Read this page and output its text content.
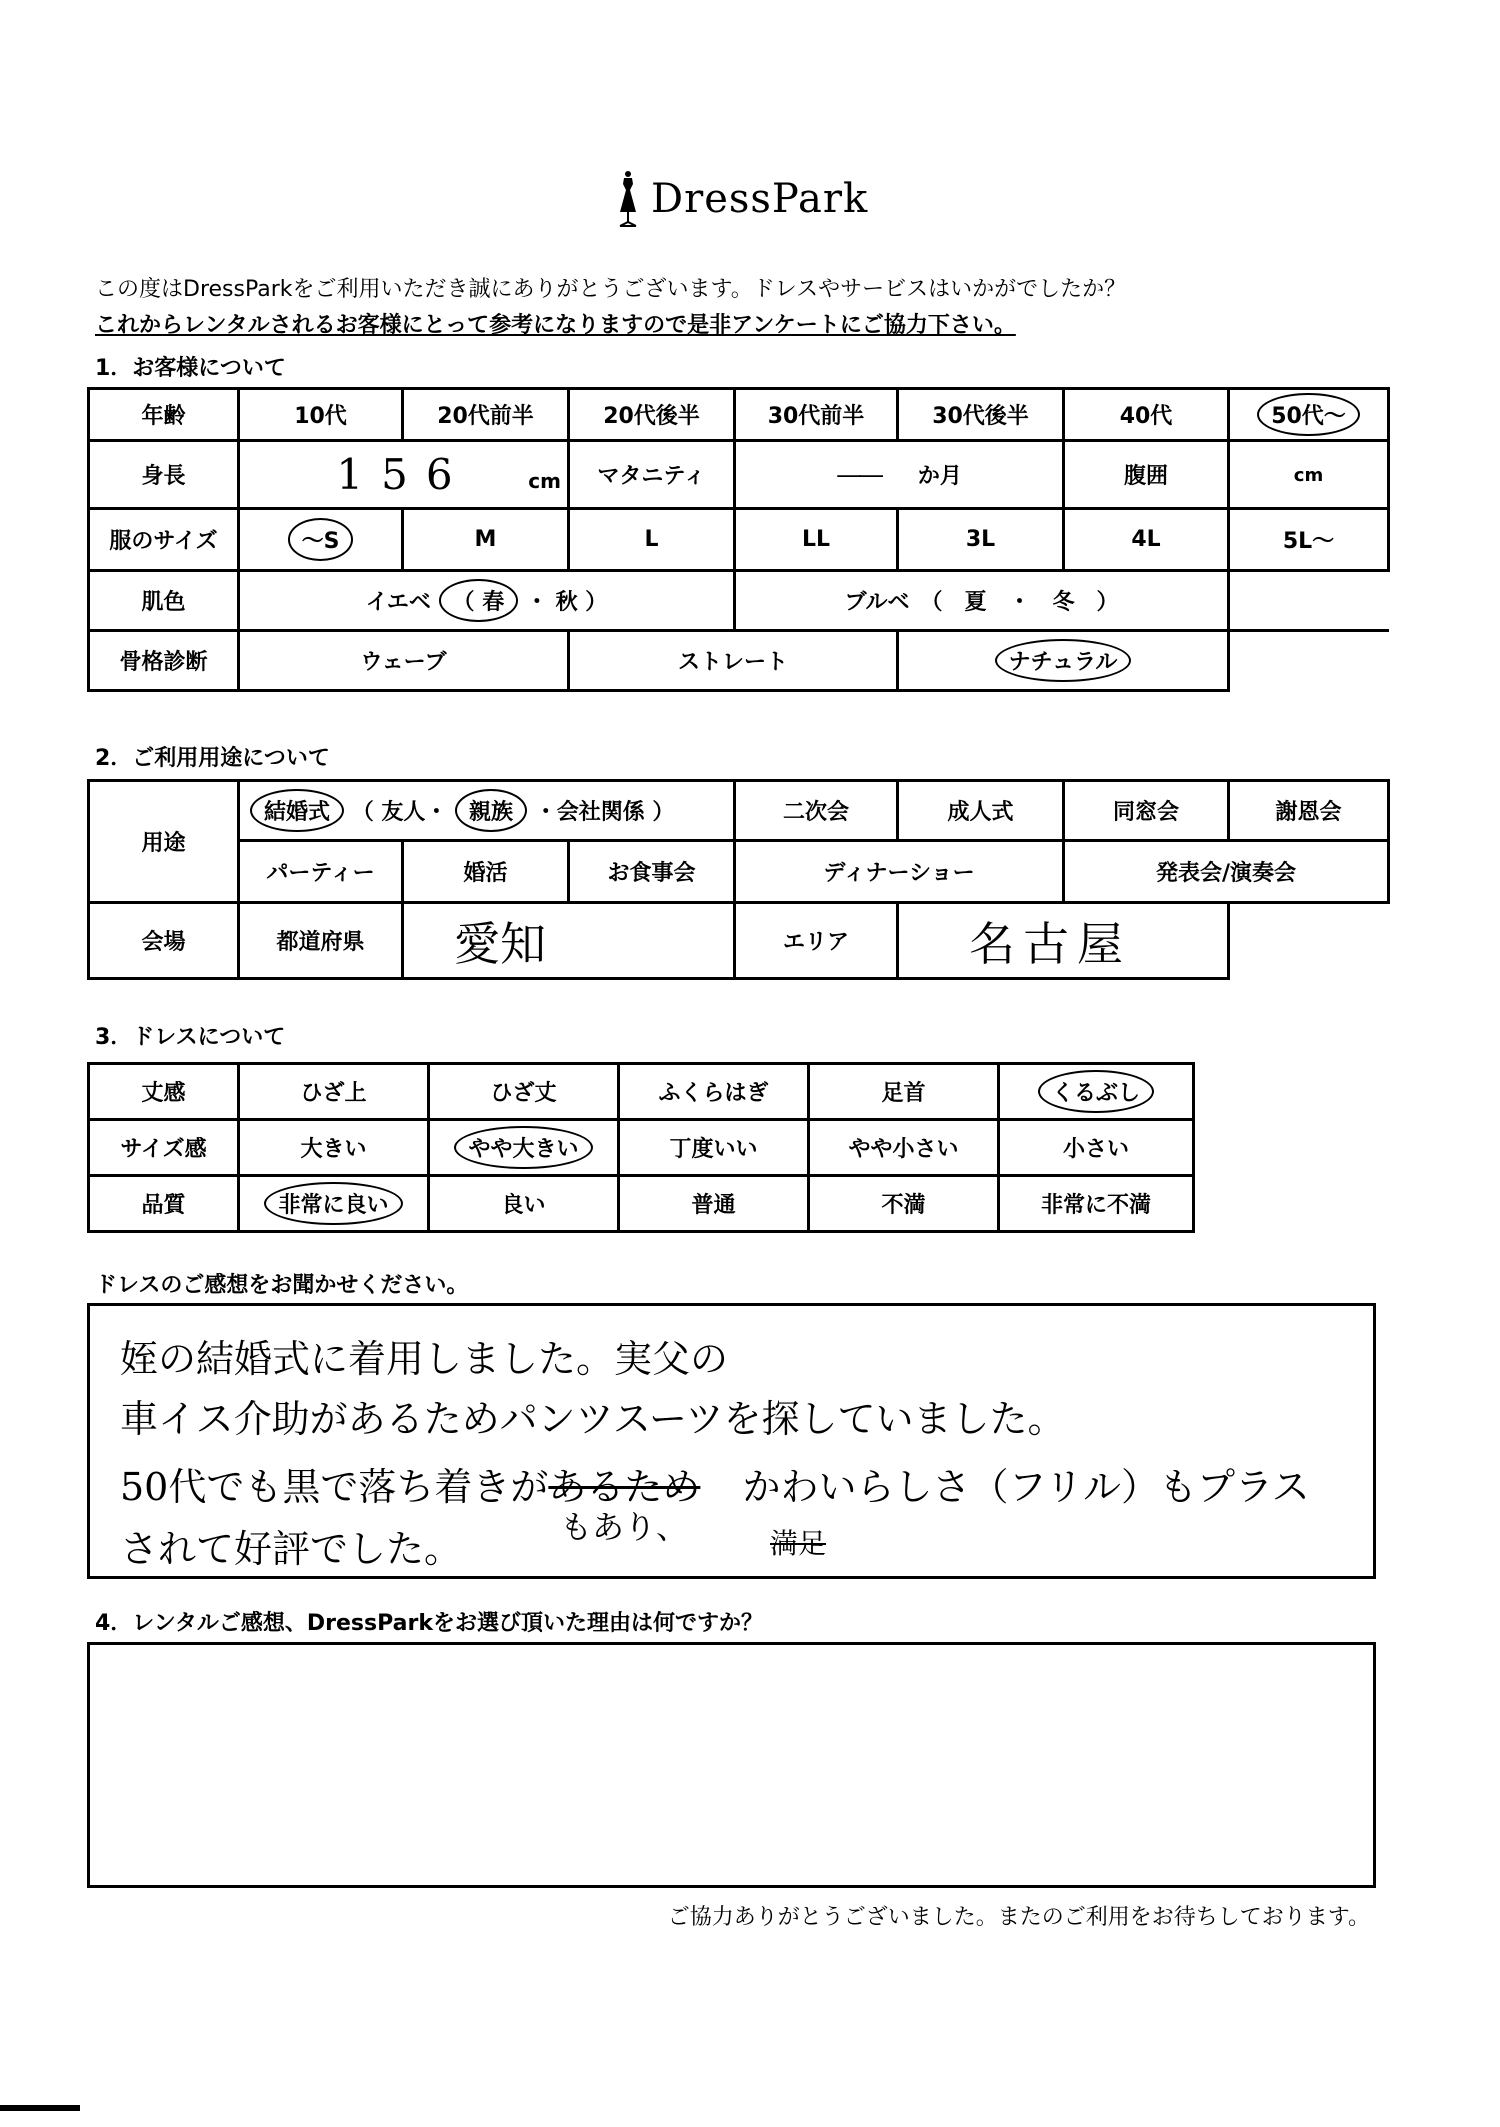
DressPark
この度はDressParkをご利用いただき誠にありがとうございます。ドレスやサービスはいかがでしたか？
これからレンタルされるお客様にとって参考になりますので是非アンケートにご協力下さい。
1．お客様について
年齢	10代	20代前半	20代後半	30代前半	30代後半	40代	50代〜
身長	156 cm		マタニティ	—— か月		腹囲	cm
服のサイズ	〜S	M	L	LL	3L	4L	5L〜
肌色	イエベ （ 春 ・ 秋 ）			ブルベ　（　夏　・　冬　）			
骨格診断	ウェーブ		ストレート		ナチュラル		
2．ご利用用途について
用途	結婚式 （ 友人・ 親族 ・会社関係 ）			二次会	成人式	同窓会	謝恩会
	パーティー	婚活	お食事会	ディナーショー		発表会/演奏会	
会場	都道府県	愛知		エリア	名古屋		
3．ドレスについて
丈感	ひざ上	ひざ丈	ふくらはぎ	足首	くるぶし
サイズ感	大きい	やや大きい	丁度いい	やや小さい	小さい
品質	非常に良い	良い	普通	不満	非常に不満
ドレスのご感想をお聞かせください。
姪の結婚式に着用しました。実父の
車イス介助があるためパンツスーツを探していました。
50代でも黒で落ち着きがあるため かわいらしさ（フリル）もプラス
もあり、
されて好評でした。	満足
4．レンタルご感想、DressParkをお選び頂いた理由は何ですか？
ご協力ありがとうございました。またのご利用をお待ちしております。
